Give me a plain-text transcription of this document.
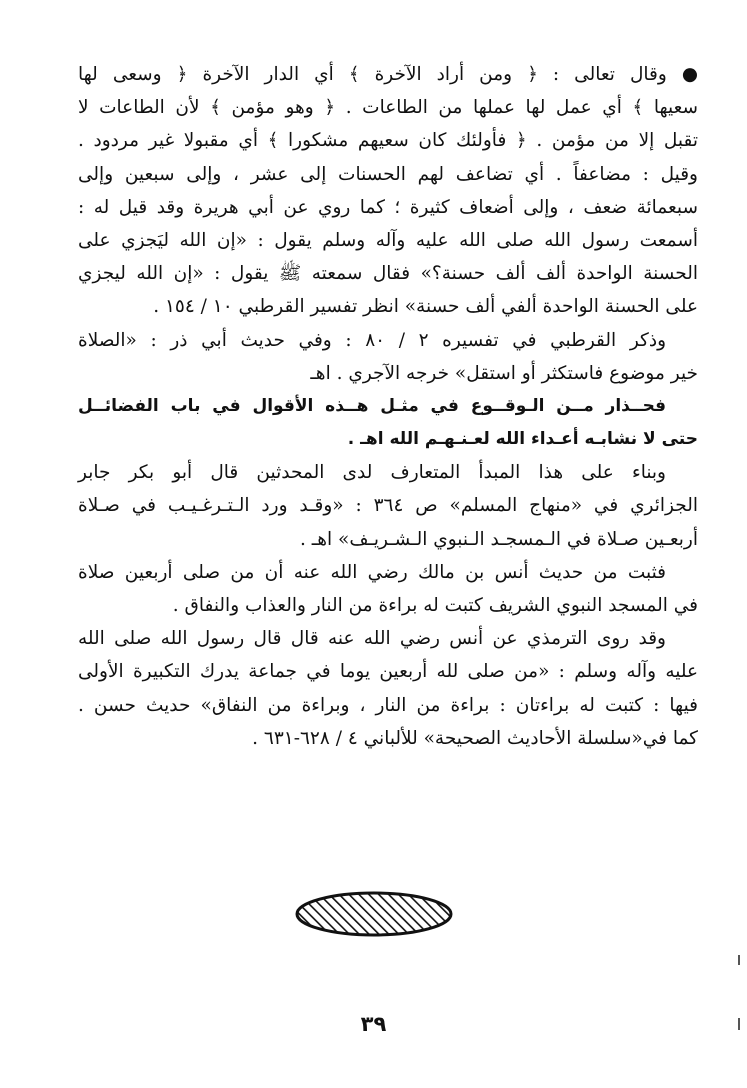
● وقال تعالى : ﴿ ومن أراد الآخرة ﴾ أي الدار الآخرة ﴿ وسعى لها
سعيها ﴾ أي عمل لها عملها من الطاعات . ﴿ وهو مؤمن ﴾ لأن الطاعات لا
تقبل إلا من مؤمن . ﴿ فأولئك كان سعيهم مشكورا ﴾ أي مقبولا غير مردود .
وقيل : مضاعفاً . أي تضاعف لهم الحسنات إلى عشر ، وإلى سبعين وإلى
سبعمائة ضعف ، وإلى أضعاف كثيرة ؛ كما روي عن أبي هريرة وقد قيل له :
أسمعت رسول الله صلى الله عليه وآله وسلم يقول : «إن الله ليَجزي على
الحسنة الواحدة ألف ألف حسنة؟» فقال سمعته ﷺ يقول : «إن الله ليجزي
على الحسنة الواحدة ألفي ألف حسنة» انظر تفسير القرطبي ١٠ / ١٥٤ .
وذكر القرطبي في تفسيره ٢ / ٨٠ : وفي حديث أبي ذر : «الصلاة
خير موضوع فاستكثر أو استقل» خرجه الآجري . اهـ
فحــذار مــن الـوقــوع في مثـل هــذه الأقوال في باب الفضائــل
حتى لا نشابـه أعـداء الله لعـنـهـم الله اهـ .
وبناء على هذا المبدأ المتعارف لدى المحدثين قال أبو بكر جابر
الجزائري في «منهاج المسلم» ص ٣٦٤ : «وقـد ورد الـتـرغـيـب في صـلاة
أربعـين صـلاة في الـمسجـد الـنبوي الـشـريـف» اهـ .
فثبت من حديث أنس بن مالك رضي الله عنه أن من صلى أربعين صلاة
في المسجد النبوي الشريف كتبت له براءة من النار والعذاب والنفاق .
وقد روى الترمذي عن أنس رضي الله عنه قال قال رسول الله صلى الله
عليه وآله وسلم : «من صلى لله أربعين يوما في جماعة يدرك التكبيرة الأولى
فيها : كتبت له براءتان : براءة من النار ، وبراءة من النفاق» حديث حسن .
كما في«سلسلة الأحاديث الصحيحة» للألباني ٤ / ٦٢٨-٦٣١ .
٣٩
